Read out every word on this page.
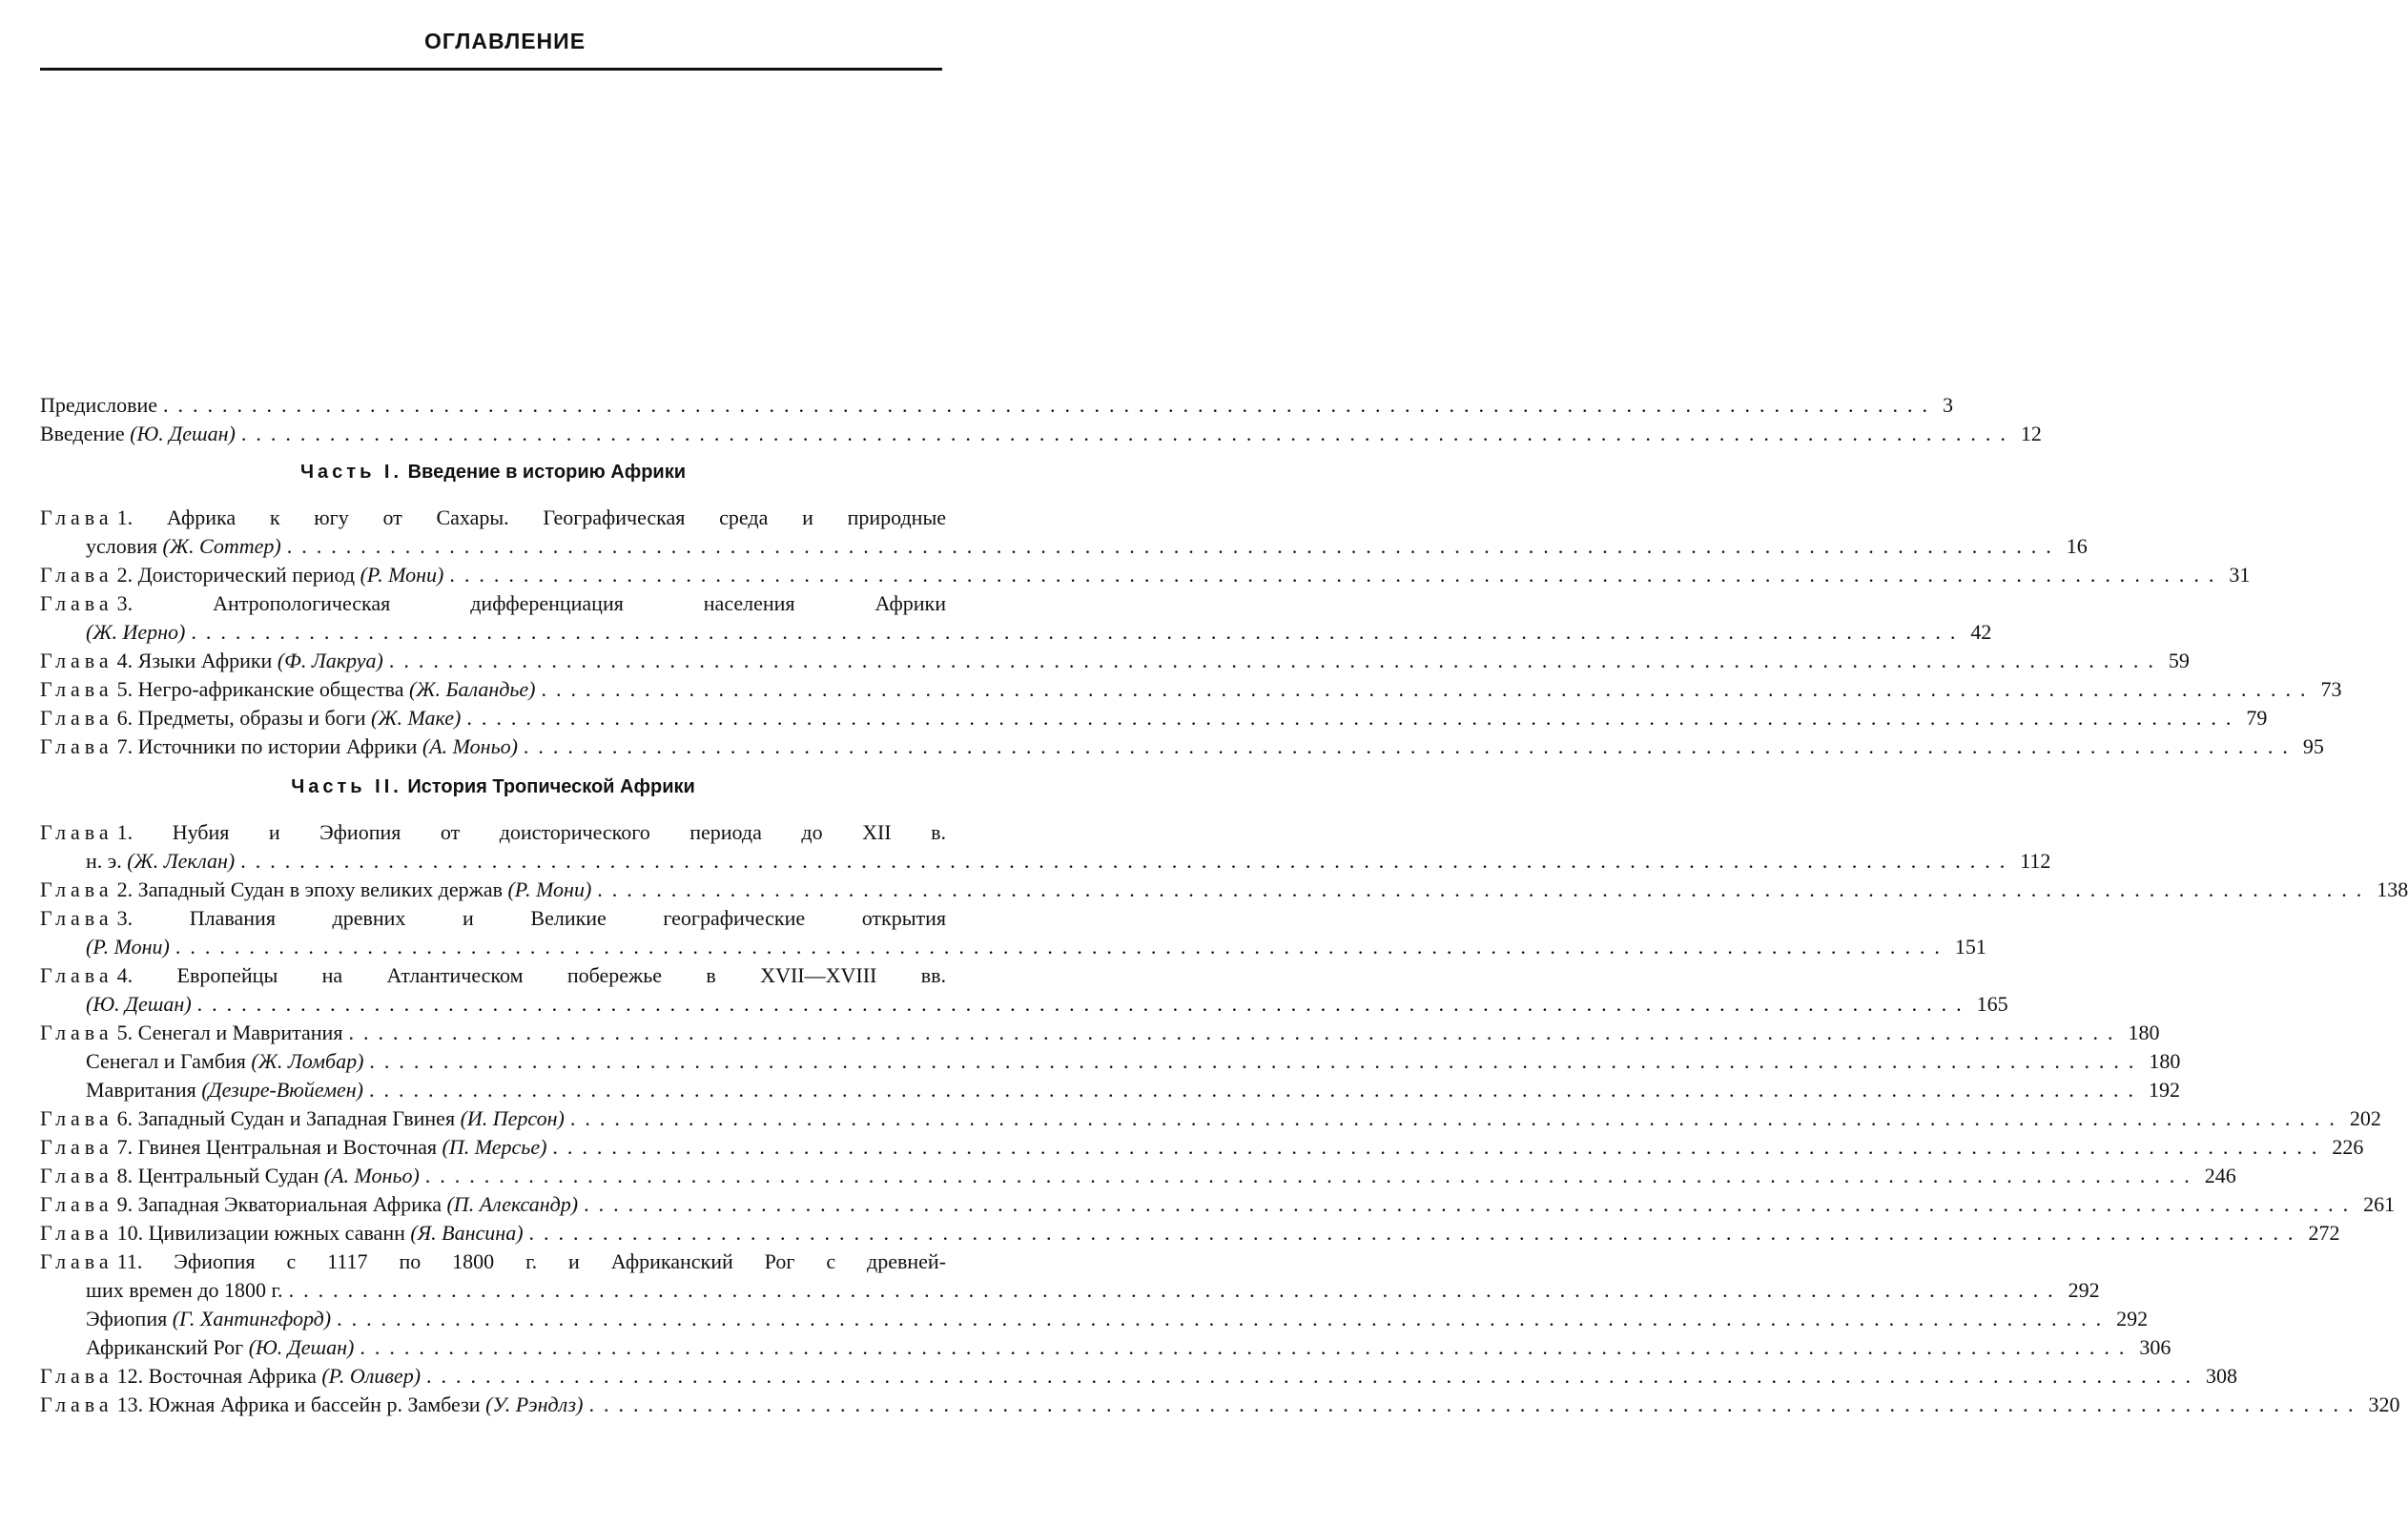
ОГЛАВЛЕНИЕ
Предисловие ........................................................................................................................ 3
Введение (Ю. Дешан) ........................................................................................................................ 12
Часть I. Введение в историю Африки
Глава 1. Африка к югу от Сахары. Географическая среда и природные
условия (Ж. Соттер) ........................................................................................................................ 16
Глава 2. Доисторический период (Р. Мони) ........................................................................................................................ 31
Глава 3.	Антропологическая дифференциация населения Африки
(Ж. Иерно) ........................................................................................................................ 42
Глава 4. Языки Африки (Ф. Лакруа) ........................................................................................................................ 59
Глава 5. Негро-африканские общества (Ж. Баландье) ........................................................................................................................ 73
Глава 6. Предметы, образы и боги (Ж. Маке) ........................................................................................................................ 79
Глава 7. Источники по истории Африки (А. Моньо) ........................................................................................................................ 95
Часть II. История Тропической Африки
Глава 1. Нубия и Эфиопия от доисторического периода до XII в.
н. э. (Ж. Леклан) ........................................................................................................................ 112
Глава 2. Западный Судан в эпоху великих держав (Р. Мони) ........................................................................................................................ 138
Глава 3.	Плавания древних и Великие географические открытия
(Р. Мони) ........................................................................................................................ 151
Глава 4. Европейцы на Атлантическом побережье в XVII—XVIII вв.
(Ю. Дешан) ........................................................................................................................ 165
Глава 5. Сенегал и Мавритания ........................................................................................................................ 180
Сенегал и Гамбия (Ж. Ломбар) ........................................................................................................................ 180
Мавритания (Дезире-Вюйемен) ........................................................................................................................ 192
Глава 6. Западный Судан и Западная Гвинея (И. Персон) ........................................................................................................................ 202
Глава 7. Гвинея Центральная и Восточная (П. Мерсье) ........................................................................................................................ 226
Глава 8. Центральный Судан (А. Моньо) ........................................................................................................................ 246
Глава 9. Западная Экваториальная Африка (П. Александр) ........................................................................................................................ 261
Глава 10. Цивилизации южных саванн (Я. Вансина) ........................................................................................................................ 272
Глава 11. Эфиопия с 1117 по 1800 г. и Африканский Рог с древней-
ших времен до 1800 г. ........................................................................................................................ 292
Эфиопия (Г. Хантингфорд) ........................................................................................................................ 292
Африканский Рог (Ю. Дешан) ........................................................................................................................ 306
Глава 12. Восточная Африка (Р. Оливер) ........................................................................................................................ 308
Глава 13. Южная Африка и бассейн р. Замбези (У. Рэндлз) ........................................................................................................................ 320
